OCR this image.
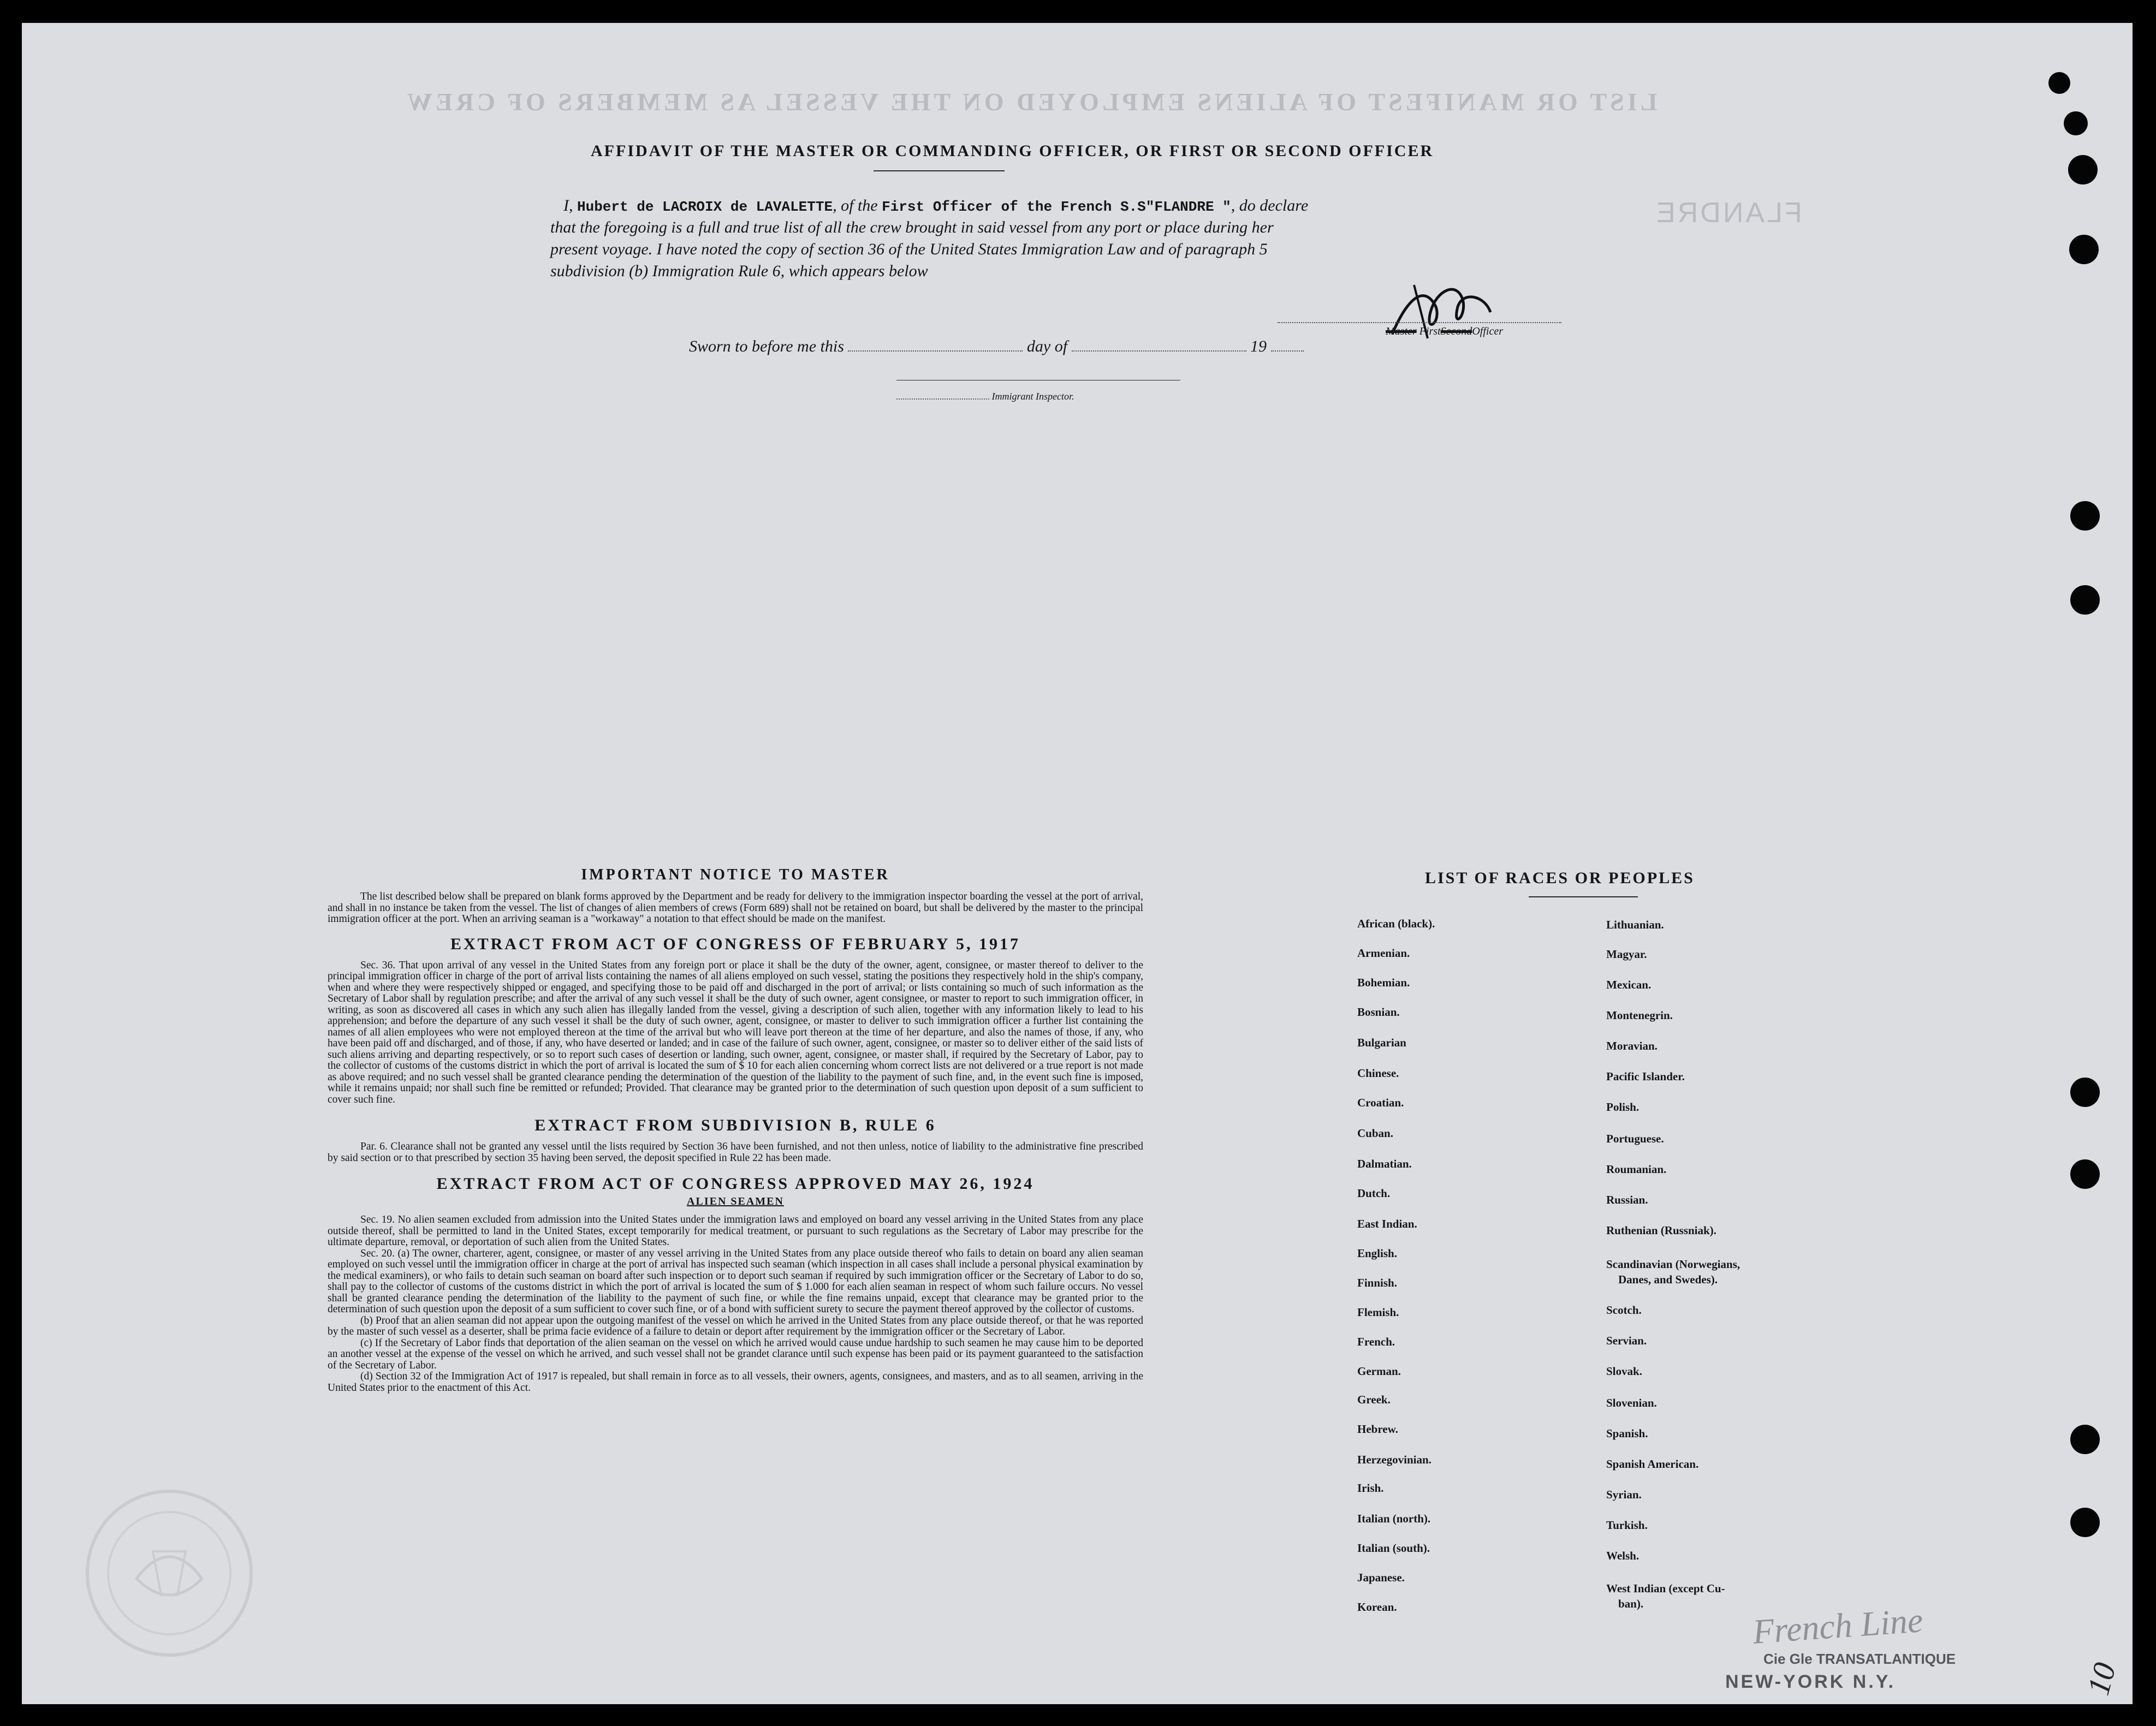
LIST OR MANIFEST OF ALIENS EMPLOYED ON THE VESSEL AS MEMBERS OF CREW
FLANDRE
AFFIDAVIT OF THE MASTER OR COMMANDING OFFICER, OR FIRST OR SECOND OFFICER
I, Hubert de LACROIX de LAVALETTE, of the First Officer of the French S.S"FLANDRE ", do declare
that the foregoing is a full and true list of all the crew brought in said vessel from any port or place during her
present voyage. I have noted the copy of section 36 of the United States Immigration Law and of paragraph 5
subdivision (b) Immigration Rule 6, which appears below
Master FirstSecondOfficer
Sworn to before me this	day of	19
Immigrant Inspector.
IMPORTANT NOTICE TO MASTER

The list described below shall be prepared on blank forms approved by the Department and be ready for delivery to the immigration inspector boarding the vessel at the port of arrival, and shall in no instance be taken from the vessel. The list of changes of alien members of crews (Form 689) shall not be retained on board, but shall be delivered by the master to the principal immigration officer at the port. When an arriving seaman is a "workaway" a notation to that effect should be made on the manifest.

EXTRACT FROM ACT OF CONGRESS OF FEBRUARY 5, 1917

Sec. 36. That upon arrival of any vessel in the United States from any foreign port or place it shall be the duty of the owner, agent, consignee, or master thereof to deliver to the principal immigration officer in charge of the port of arrival lists containing the names of all aliens employed on such vessel, stating the positions they respectively hold in the ship's company, when and where they were respectively shipped or engaged, and specifying those to be paid off and discharged in the port of arrival; or lists containing so much of such information as the Secretary of Labor shall by regulation prescribe; and after the arrival of any such vessel it shall be the duty of such owner, agent consignee, or master to report to such immigration officer, in writing, as soon as discovered all cases in which any such alien has illegally landed from the vessel, giving a description of such alien, together with any information likely to lead to his apprehension; and before the departure of any such vessel it shall be the duty of such owner, agent, consignee, or master to deliver to such immigration officer a further list containing the names of all alien employees who were not employed thereon at the time of the arrival but who will leave port thereon at the time of her departure, and also the names of those, if any, who have been paid off and discharged, and of those, if any, who have deserted or landed; and in case of the failure of such owner, agent, consignee, or master so to deliver either of the said lists of such aliens arriving and departing respectively, or so to report such cases of desertion or landing, such owner, agent, consignee, or master shall, if required by the Secretary of Labor, pay to the collector of customs of the customs district in which the port of arrival is located the sum of $ 10 for each alien concerning whom correct lists are not delivered or a true report is not made as above required; and no such vessel shall be granted clearance pending the determination of the question of the liability to the payment of such fine, and, in the event such fine is imposed, while it remains unpaid; nor shall such fine be remitted or refunded; Provided. That clearance may be granted prior to the determination of such question upon deposit of a sum sufficient to cover such fine.

EXTRACT FROM SUBDIVISION B, RULE 6

Par. 6. Clearance shall not be granted any vessel until the lists required by Section 36 have been furnished, and not then unless, notice of liability to the administrative fine prescribed by said section or to that prescribed by section 35 having been served, the deposit specified in Rule 22 has been made.

EXTRACT FROM ACT OF CONGRESS APPROVED MAY 26, 1924
ALIEN SEAMEN

Sec. 19. No alien seamen excluded from admission into the United States under the immigration laws and employed on board any vessel arriving in the United States from any place outside thereof, shall be permitted to land in the United States, except temporarily for medical treatment, or pursuant to such regulations as the Secretary of Labor may prescribe for the ultimate departure, removal, or deportation of such alien from the United States.

Sec. 20. (a) The owner, charterer, agent, consignee, or master of any vessel arriving in the United States from any place outside thereof who fails to detain on board any alien seaman employed on such vessel until the immigration officer in charge at the port of arrival has inspected such seaman (which inspection in all cases shall include a personal physical examination by the medical examiners), or who fails to detain such seaman on board after such inspection or to deport such seaman if required by such immigration officer or the Secretary of Labor to do so, shall pay to the collector of customs of the customs district in which the port of arrival is located the sum of $ 1.000 for each alien seaman in respect of whom such failure occurs. No vessel shall be granted clearance pending the determination of the liability to the payment of such fine, or while the fine remains unpaid, except that clearance may be granted prior to the determination of such question upon the deposit of a sum sufficient to cover such fine, or of a bond with sufficient surety to secure the payment thereof approved by the collector of customs.

(b) Proof that an alien seaman did not appear upon the outgoing manifest of the vessel on which he arrived in the United States from any place outside thereof, or that he was reported by the master of such vessel as a deserter, shall be prima facie evidence of a failure to detain or deport after requirement by the immigration officer or the Secretary of Labor.

(c) If the Secretary of Labor finds that deportation of the alien seaman on the vessel on which he arrived would cause undue hardship to such seamen he may cause him to be deported an another vessel at the expense of the vessel on which he arrived, and such vessel shall not be grandet clarance until such expense has been paid or its payment guaranteed to the satisfaction of the Secretary of Labor.

(d) Section 32 of the Immigration Act of 1917 is repealed, but shall remain in force as to all vessels, their owners, agents, consignees, and masters, and as to all seamen, arriving in the United States prior to the enactment of this Act.

LIST OF RACES OR PEOPLES
African (black).
Armenian.
Bohemian.
Bosnian.
Bulgarian
Chinese.
Croatian.
Cuban.
Dalmatian.
Dutch.
East Indian.
English.
Finnish.
Flemish.
French.
German.
Greek.
Hebrew.
Herzegovinian.
Irish.
Italian (north).
Italian (south).
Japanese.
Korean.
Lithuanian.
Magyar.
Mexican.
Montenegrin.
Moravian.
Pacific Islander.
Polish.
Portuguese.
Roumanian.
Russian.
Ruthenian (Russniak).
Scandinavian (Norwegians,
Danes, and Swedes).
Scotch.
Servian.
Slovak.
Slovenian.
Spanish.
Spanish American.
Syrian.
Turkish.
Welsh.
West Indian (except Cu-
ban).	French Line
Cie Gle TRANSATLANTIQUE
NEW-YORK N.Y.	10
